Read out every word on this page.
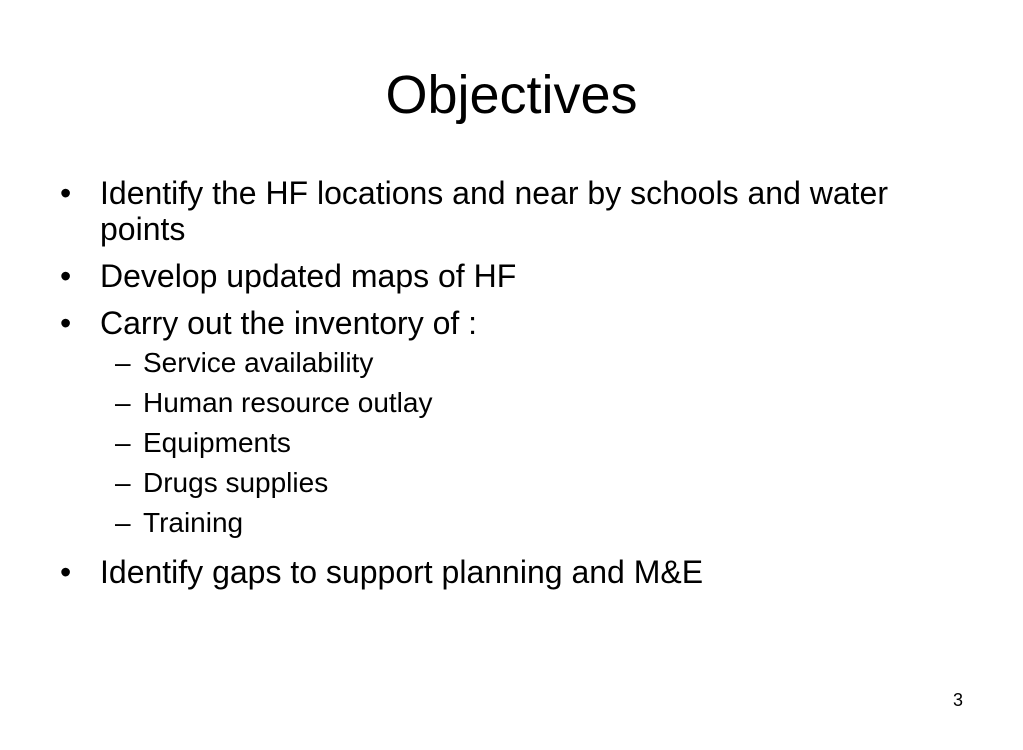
Objectives
• Identify the HF locations and near by schools and water points
• Develop updated maps of HF
• Carry out the inventory of :
– Service availability
– Human resource outlay
– Equipments
– Drugs supplies
– Training
• Identify gaps to support planning and M&E
3
